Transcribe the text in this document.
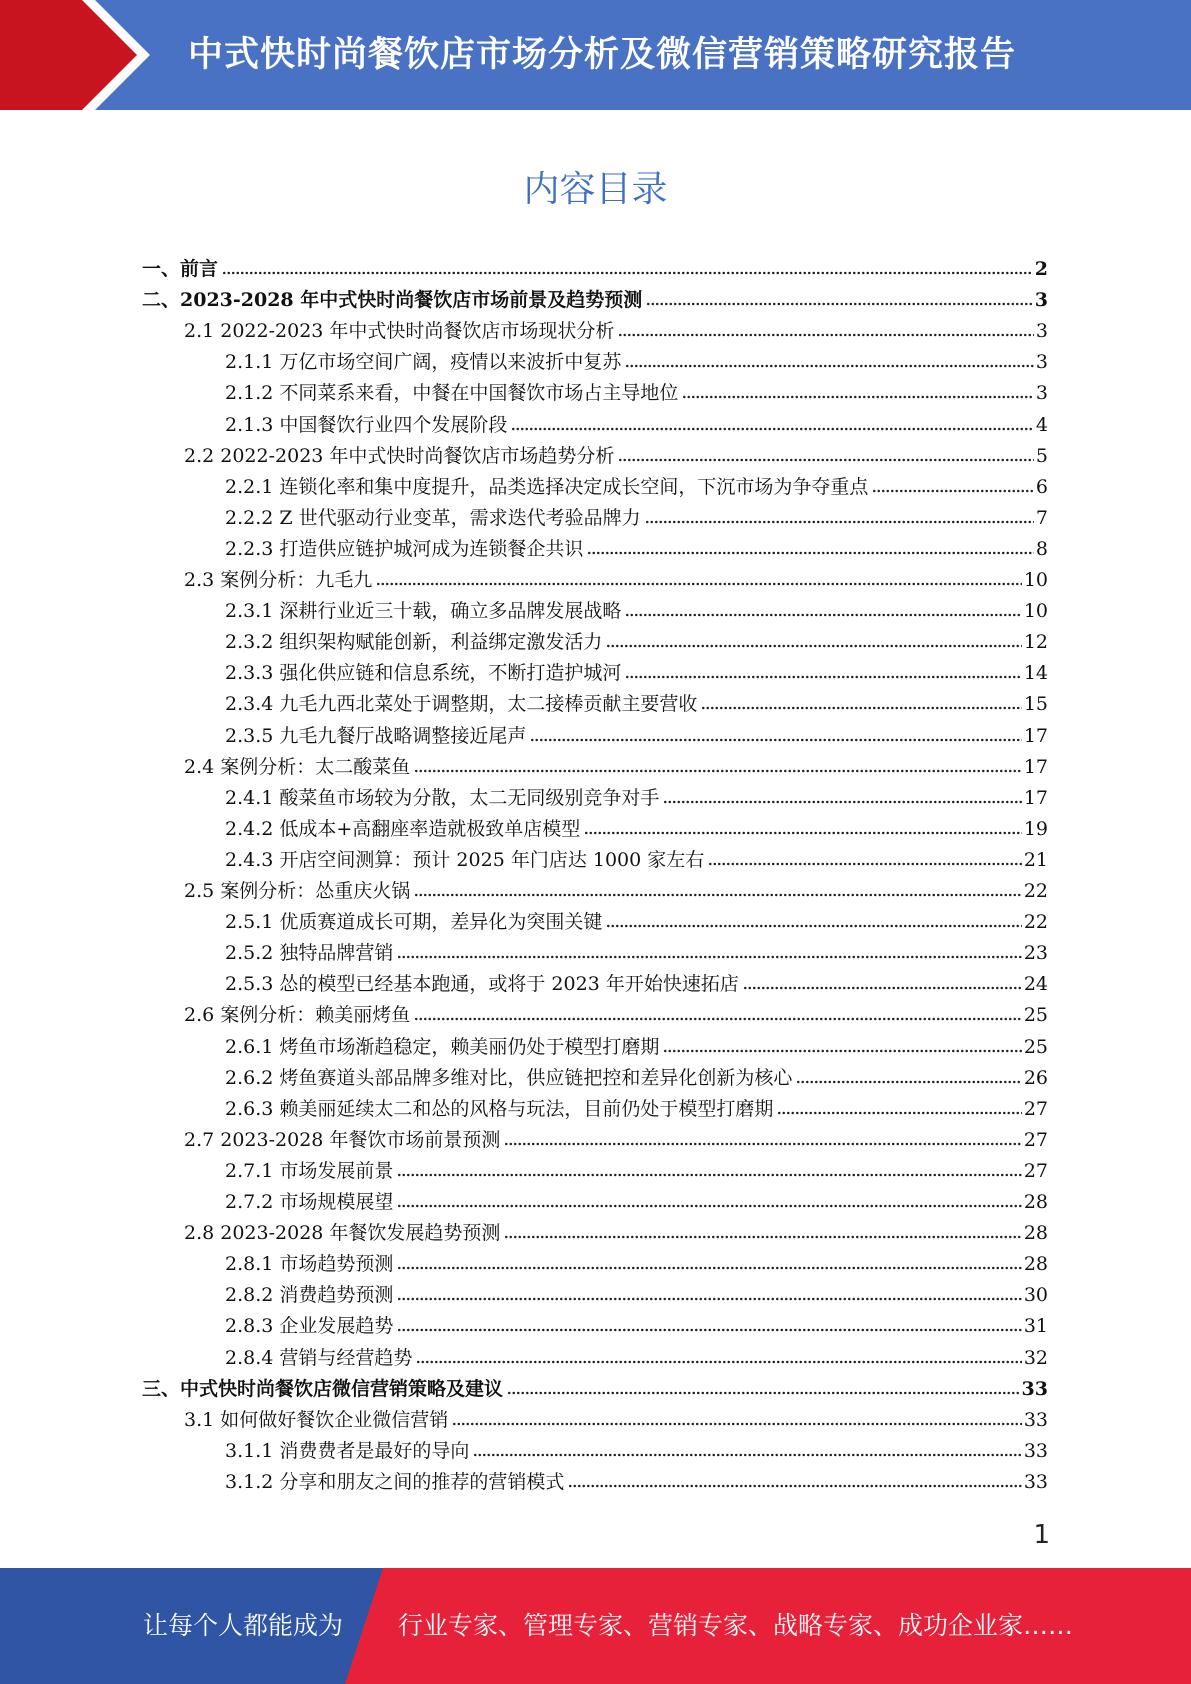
中式快时尚餐饮店市场分析及微信营销策略研究报告
内容目录
一、前言	2
二、2023-2028 年中式快时尚餐饮店市场前景及趋势预测	3
2.1 2022-2023 年中式快时尚餐饮店市场现状分析	3
2.1.1 万亿市场空间广阔，疫情以来波折中复苏	3
2.1.2 不同菜系来看，中餐在中国餐饮市场占主导地位	3
2.1.3 中国餐饮行业四个发展阶段	4
2.2 2022-2023 年中式快时尚餐饮店市场趋势分析	5
2.2.1 连锁化率和集中度提升，品类选择决定成长空间，下沉市场为争夺重点	6
2.2.2 Z 世代驱动行业变革，需求迭代考验品牌力	7
2.2.3 打造供应链护城河成为连锁餐企共识	8
2.3 案例分析：九毛九	10
2.3.1 深耕行业近三十载，确立多品牌发展战略	10
2.3.2 组织架构赋能创新，利益绑定激发活力	12
2.3.3 强化供应链和信息系统，不断打造护城河	14
2.3.4 九毛九西北菜处于调整期，太二接棒贡献主要营收	15
2.3.5 九毛九餐厅战略调整接近尾声	17
2.4 案例分析：太二酸菜鱼	17
2.4.1 酸菜鱼市场较为分散，太二无同级别竞争对手	17
2.4.2 低成本+高翻座率造就极致单店模型	19
2.4.3 开店空间测算：预计 2025 年门店达 1000 家左右	21
2.5 案例分析：怂重庆火锅	22
2.5.1 优质赛道成长可期，差异化为突围关键	22
2.5.2 独特品牌营销	23
2.5.3 怂的模型已经基本跑通，或将于 2023 年开始快速拓店	24
2.6 案例分析：赖美丽烤鱼	25
2.6.1 烤鱼市场渐趋稳定，赖美丽仍处于模型打磨期	25
2.6.2 烤鱼赛道头部品牌多维对比，供应链把控和差异化创新为核心	26
2.6.3 赖美丽延续太二和怂的风格与玩法，目前仍处于模型打磨期	27
2.7 2023-2028 年餐饮市场前景预测	27
2.7.1 市场发展前景	27
2.7.2 市场规模展望	28
2.8 2023-2028 年餐饮发展趋势预测	28
2.8.1 市场趋势预测	28
2.8.2 消费趋势预测	30
2.8.3 企业发展趋势	31
2.8.4 营销与经营趋势	32
三、中式快时尚餐饮店微信营销策略及建议	33
3.1 如何做好餐饮企业微信营销	33
3.1.1 消费费者是最好的导向	33
3.1.2 分享和朋友之间的推荐的营销模式	33
1
让每个人都能成为 行业专家、管理专家、营销专家、战略专家、成功企业家……
